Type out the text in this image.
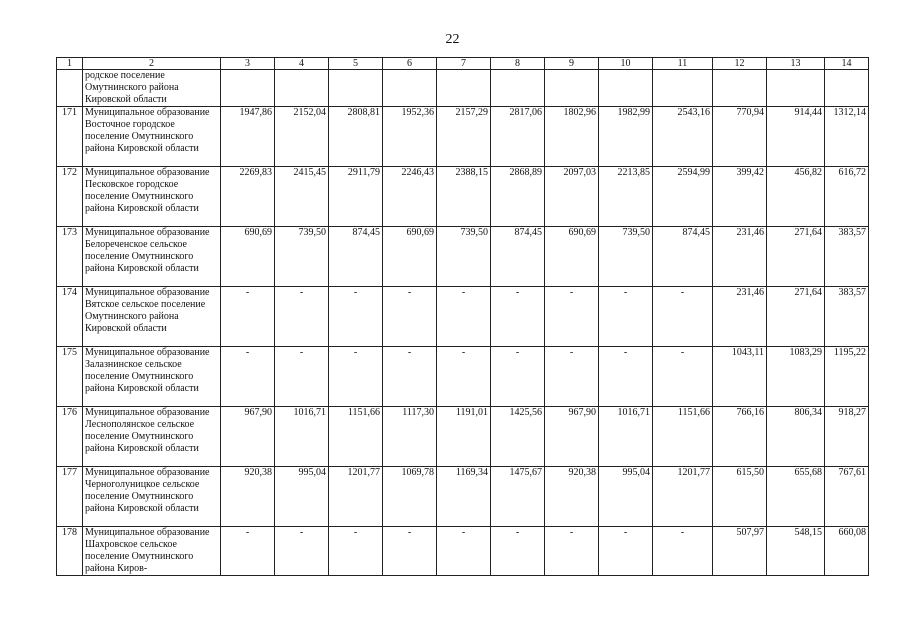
22
1	2	3	4	5	6	7	8	9	10	11	12	13	14
	родское поселение Омутнинского района Кировской области												
171	Муниципальное образование Восточное городское поселение Омутнинского района Кировской области	1947,86	2152,04	2808,81	1952,36	2157,29	2817,06	1802,96	1982,99	2543,16	770,94	914,44	1312,14
172	Муниципальное образование Песковское городское поселение Омутнинского района Кировской области	2269,83	2415,45	2911,79	2246,43	2388,15	2868,89	2097,03	2213,85	2594,99	399,42	456,82	616,72
173	Муниципальное образование Белореченское сельское поселение Омутнинского района Кировской области	690,69	739,50	874,45	690,69	739,50	874,45	690,69	739,50	874,45	231,46	271,64	383,57
174	Муниципальное образование Вятское сельское поселение Омутнинского района Кировской области	-	-	-	-	-	-	-	-	-	231,46	271,64	383,57
175	Муниципальное образование Залазнинское сельское поселение Омутнинского района Кировской области	-	-	-	-	-	-	-	-	-	1043,11	1083,29	1195,22
176	Муниципальное образование Леснополянское сельское поселение Омутнинского района Кировской области	967,90	1016,71	1151,66	1117,30	1191,01	1425,56	967,90	1016,71	1151,66	766,16	806,34	918,27
177	Муниципальное образование Черноголуницкое сельское поселение Омутнинского района Кировской области	920,38	995,04	1201,77	1069,78	1169,34	1475,67	920,38	995,04	1201,77	615,50	655,68	767,61
178	Муниципальное образование Шахровское сельское поселение Омутнинского района Киров-	-	-	-	-	-	-	-	-	-	507,97	548,15	660,08
